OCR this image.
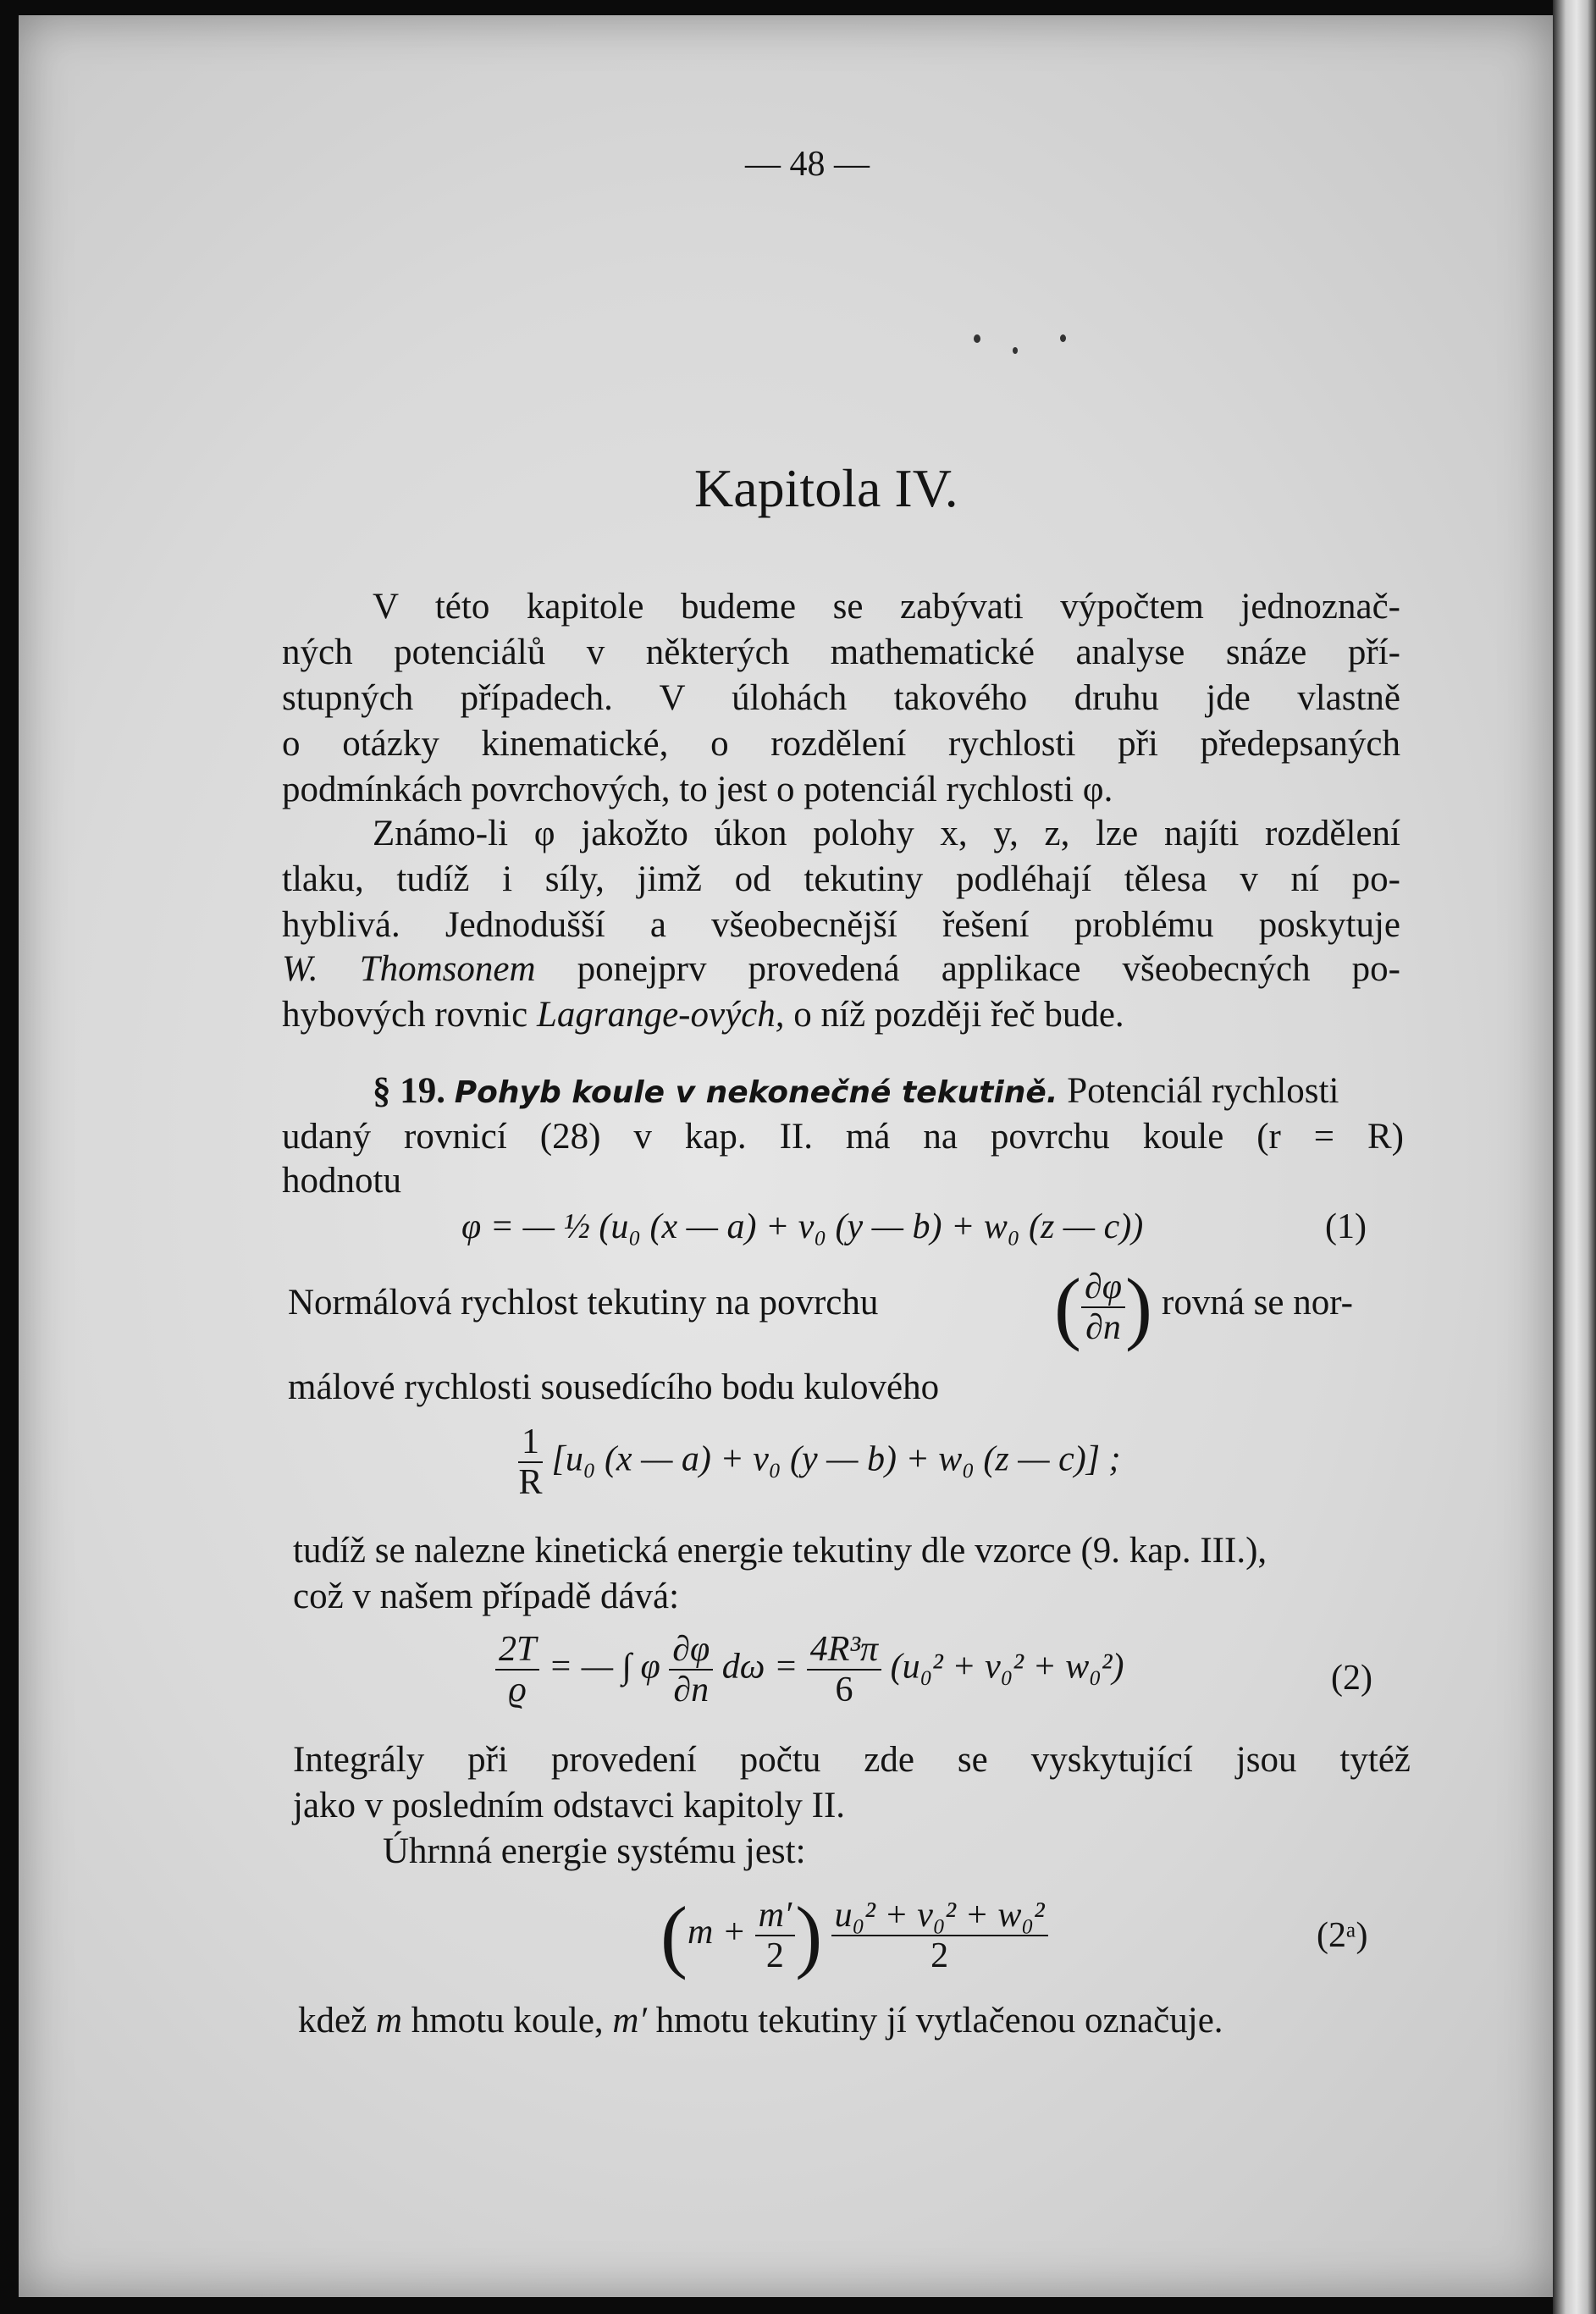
— 48 —
Kapitola IV.
V této kapitole budeme se zabývati výpočtem jednoznač-
ných potenciálů v některých mathematické analyse snáze pří-
stupných případech. V úlohách takového druhu jde vlastně
o otázky kinematické, o rozdělení rychlosti při předepsaných
podmínkách povrchových, to jest o potenciál rychlosti φ.
Známo-li φ jakožto úkon polohy x, y, z, lze najíti rozdělení
tlaku, tudíž i síly, jimž od tekutiny podléhají tělesa v ní po-
hyblivá. Jednodušší a všeobecnější řešení problému poskytuje
W. Thomsonem ponejprv provedená applikace všeobecných po-
hybových rovnic Lagrange-ových, o níž později řeč bude.
§ 19. Pohyb koule v nekonečné tekutině. Potenciál rychlosti
udaný rovnicí (28) v kap. II. má na povrchu koule (r = R)
hodnotu
φ = — ½ (u₀ (x — a) + v₀ (y — b) + w₀ (z — c))	(1)
Normálová rychlost tekutiny na povrchu ( $\frac{\partial\varphi}{\partial n}$ ) rovná se nor-
málové rychlosti sousedícího bodu kulového
$\frac{1}{R} [u_0$ (x — a) + v₀ (y — b) + w₀ (z — c)] ;
tudíž se nalezne kinetická energie tekutiny dle vzorce (9. kap. III.),
což v našem případě dává:
$\frac{2T}{ϱ}$ = — ∫ φ $\frac{\partial\varphi}{\partial n}$ $d\omega = \frac{\text{4R³π}}{6} (u_0^2 + v_0^2 + w_0^2)$	(2)
Integrály při provedení počtu zde se vyskytující jsou tytéž
jako v posledním odstavci kapitoly II.
Úhrnná energie systému jest:
($m + \frac{m'}{2}$ ) $\frac{\text{u₀² + v₀² + w₀²}}{2}$	(2ᵃ)
kdež m hmotu koule, m′ hmotu tekutiny jí vytlačenou označuje.
